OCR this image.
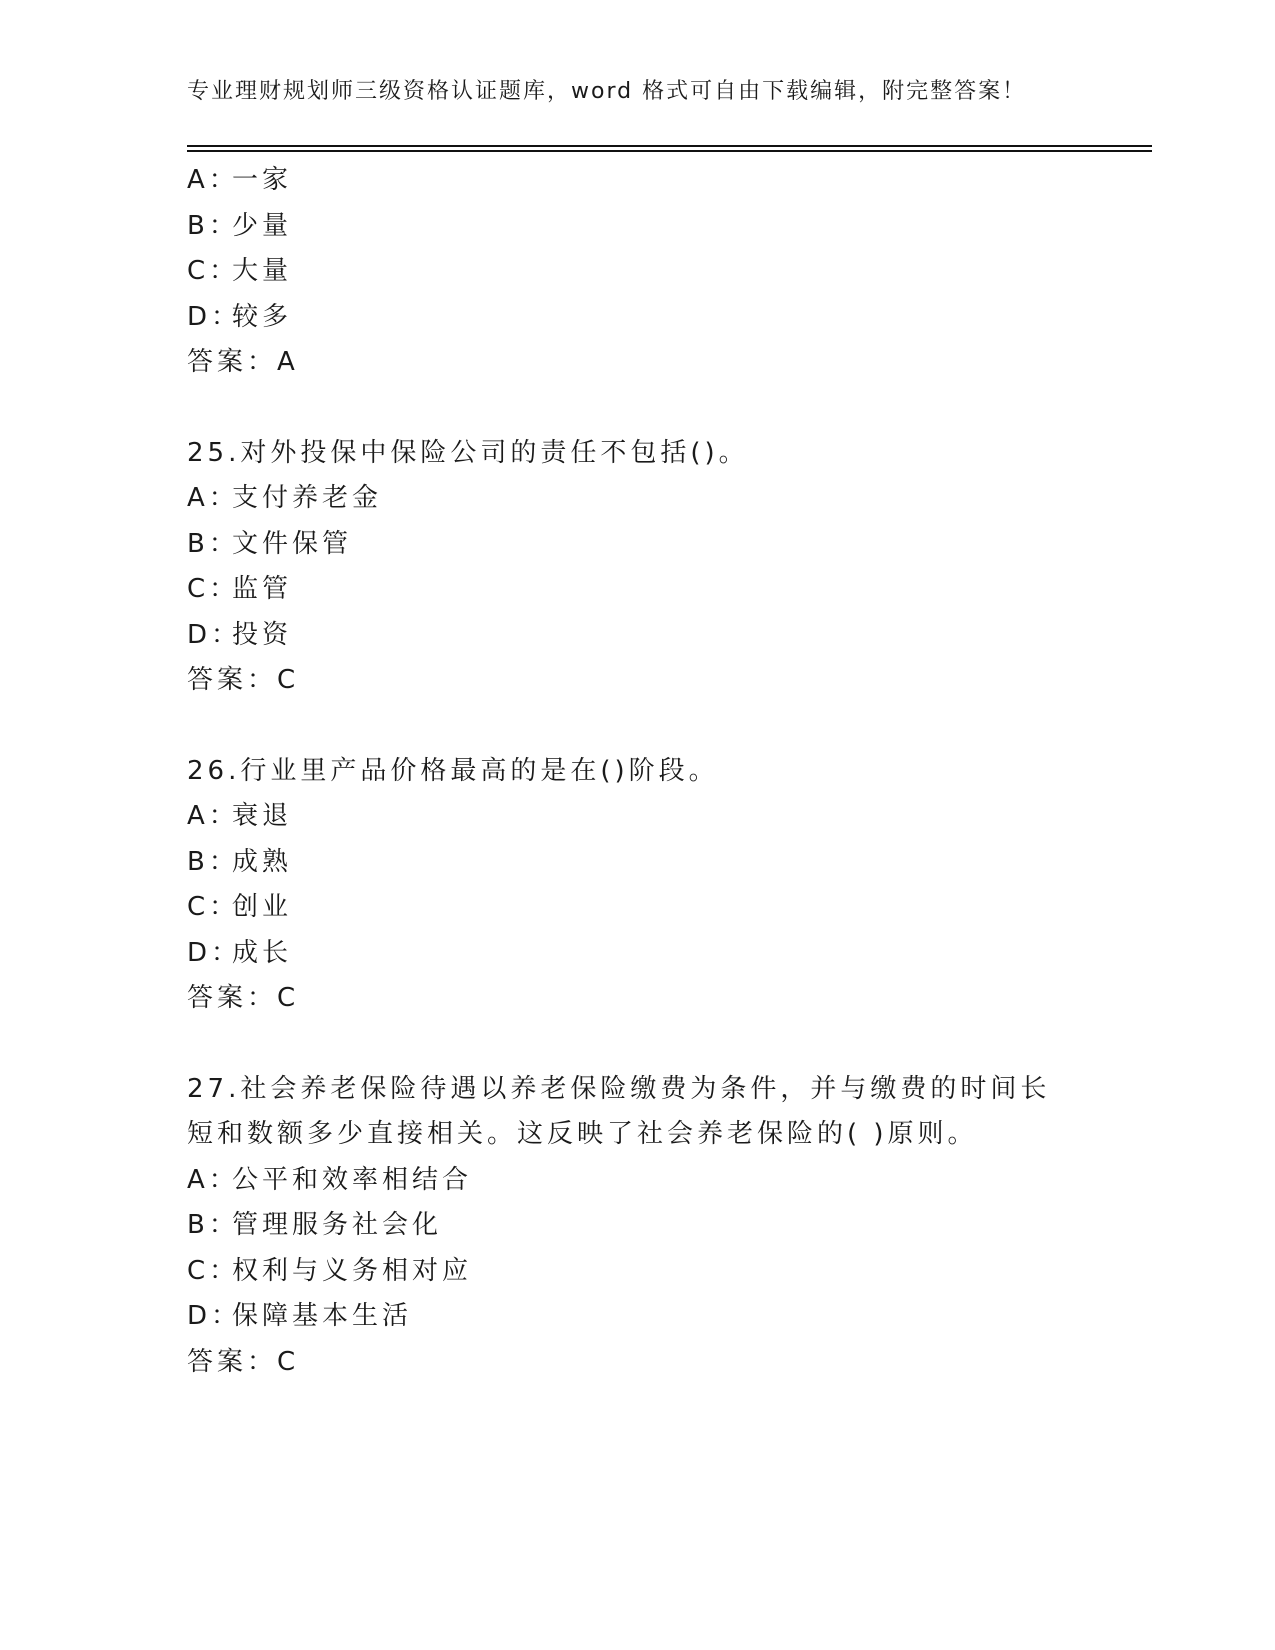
专业理财规划师三级资格认证题库，word 格式可自由下载编辑，附完整答案！
A：
一家
B：
少量
C：
大量
D：
较多
答案：A
25.对外投保中保险公司的责任不包括()。
A：
支付养老金
B：
文件保管
C：
监管
D：
投资
答案：C
26.行业里产品价格最高的是在()阶段。
A：
衰退
B：
成熟
C：
创业
D：
成长
答案：C
27.社会养老保险待遇以养老保险缴费为条件，并与缴费的时间长短和数额多少直接相关。这反映了社会养老保险的( )原则。
A：
公平和效率相结合
B：
管理服务社会化
C：
权利与义务相对应
D：
保障基本生活
答案：C
